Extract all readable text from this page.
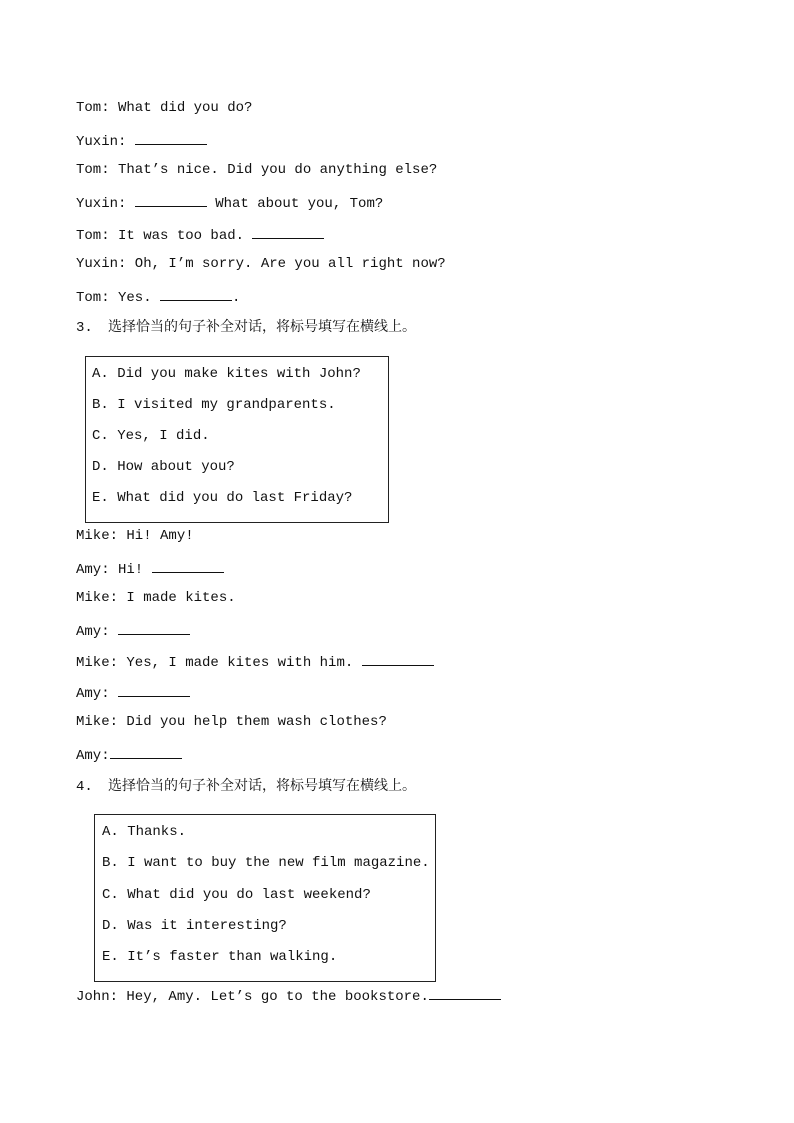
Tom: What did you do?
Yuxin:
Tom: That’s nice. Did you do anything else?
Yuxin:	What about you, Tom?
Tom: It was too bad.
Yuxin: Oh, I’m sorry. Are you all right now?
Tom: Yes.	.
3. 选择恰当的句子补全对话，将标号填写在横线上。
A. Did you make kites with John?
B. I visited my grandparents.
C. Yes, I did.
D. How about you?
E. What did you do last Friday?
Mike: Hi! Amy!
Amy: Hi!
Mike: I made kites.
Amy:
Mike: Yes, I made kites with him.
Amy:
Mike: Did you help them wash clothes?
Amy:
4. 选择恰当的句子补全对话，将标号填写在横线上。
A. Thanks.
B. I want to buy the new film magazine.
C. What did you do last weekend?
D. Was it interesting?
E. It’s faster than walking.
John: Hey, Amy. Let’s go to the bookstore.
